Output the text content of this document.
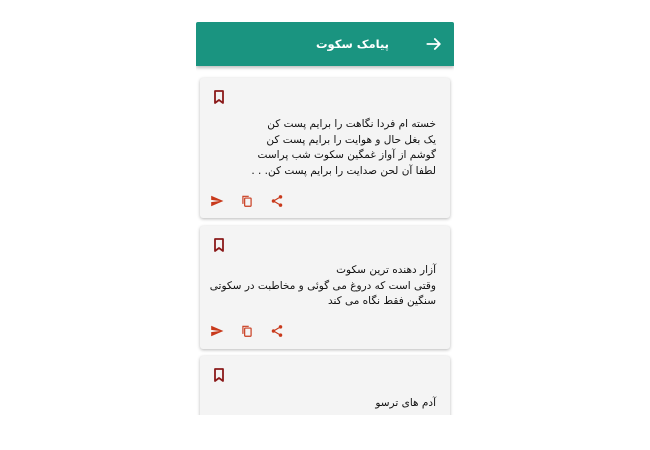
پیامک سکوت
خسته ام فردا نگاهت را برایم پست کن
یک بغل حال و هوایت را برایم پست کن
گوشم از آواز غمگین سکوت شب پراست
لطفا آن لحن صدایت را برایم پست کن. . .
آزار دهنده ترین سکوت
وقتی است که دروغ می گوئی و مخاطبت در سکوتی
سنگین فقط نگاه می کند
آدم های ترسو
